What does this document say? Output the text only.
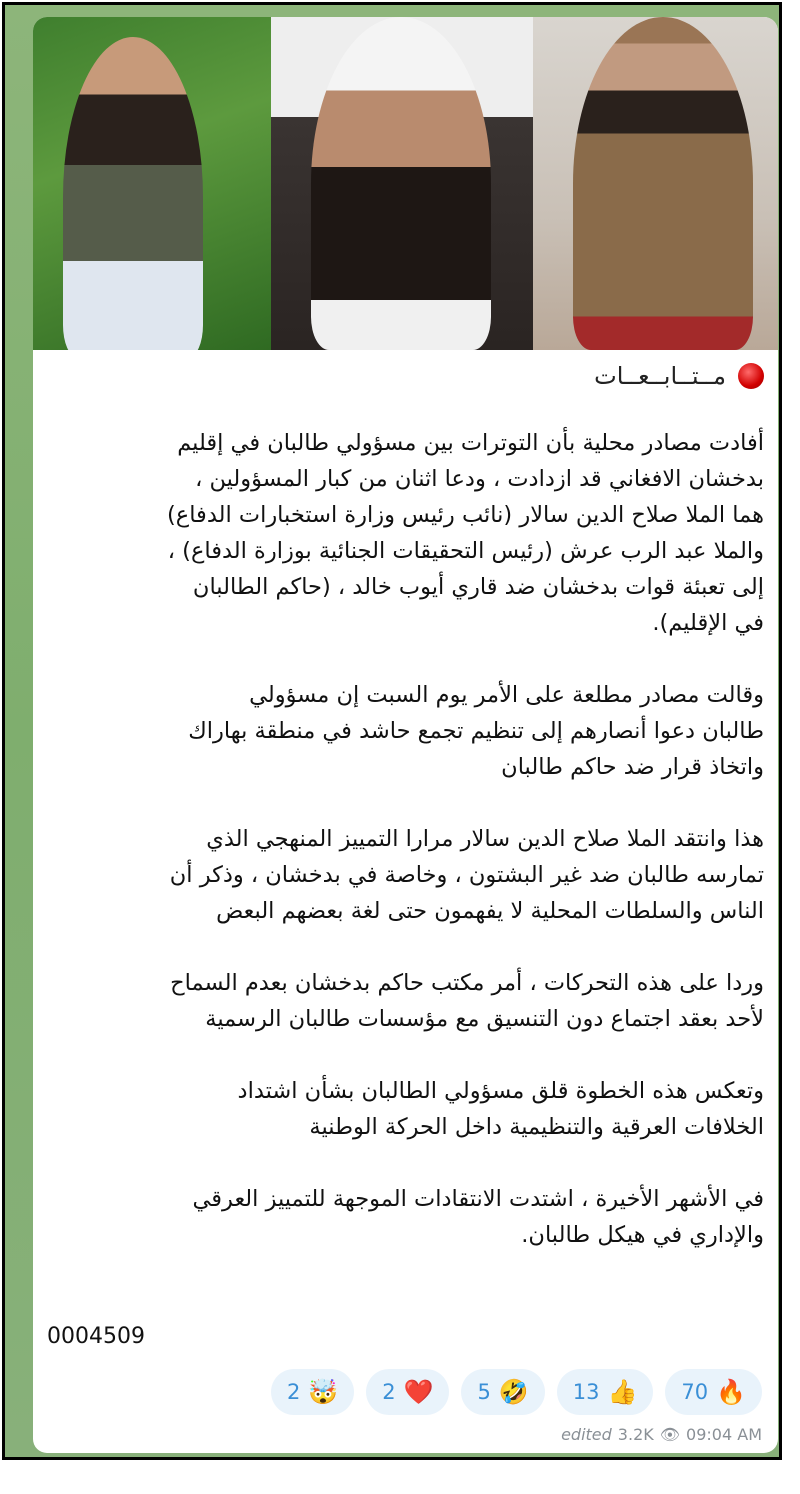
مــتــابــعــات

أفادت مصادر محلية بأن التوترات بين مسؤولي طالبان في إقليم
بدخشان الافغاني قد ازدادت ، ودعا اثنان من كبار المسؤولين ،
هما الملا صلاح الدين سالار (نائب رئيس وزارة استخبارات الدفاع)
والملا عبد الرب عرش (رئيس التحقيقات الجنائية بوزارة الدفاع) ،
إلى تعبئة قوات بدخشان ضد قاري أيوب خالد ، (حاكم الطالبان
في الإقليم).

وقالت مصادر مطلعة على الأمر يوم السبت إن مسؤولي
طالبان دعوا أنصارهم إلى تنظيم تجمع حاشد في منطقة بهاراك
واتخاذ قرار ضد حاكم طالبان

هذا وانتقد الملا صلاح الدين سالار مرارا التمييز المنهجي الذي
تمارسه طالبان ضد غير البشتون ، وخاصة في بدخشان ، وذكر أن
الناس والسلطات المحلية لا يفهمون حتى لغة بعضهم البعض

وردا على هذه التحركات ، أمر مكتب حاكم بدخشان بعدم السماح
لأحد بعقد اجتماع دون التنسيق مع مؤسسات طالبان الرسمية

وتعكس هذه الخطوة قلق مسؤولي الطالبان بشأن اشتداد
الخلافات العرقية والتنظيمية داخل الحركة الوطنية

في الأشهر الأخيرة ، اشتدت الانتقادات الموجهة للتمييز العرقي
والإداري في هيكل طالبان.

0004509
2 🤯 2 ❤️ 5 🤣 13 👍 70 🔥
edited 3.2K 👁 09:04 AM
